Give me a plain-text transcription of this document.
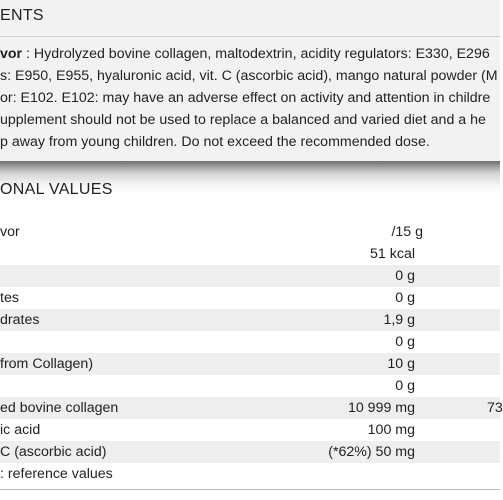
ENTS
vor : Hydrolyzed bovine collagen, maltodextrin, acidity regulators: E330, E296
s: E950, E955, hyaluronic acid, vit. C (ascorbic acid), mango natural powder (M
or: E102. E102: may have an adverse effect on activity and attention in childre
upplement should not be used to replace a balanced and varied diet and a he
p away from young children. Do not exceed the recommended dose.
ONAL VALUES
vor	/15 g
51 kcal
0 g
tes	0 g
drates	1,9 g
0 g
from Collagen)	10 g
0 g
ed bovine collagen	10 999 mg	73
ic acid	100 mg
C (ascorbic acid)	(*62%) 50 mg
: reference values
